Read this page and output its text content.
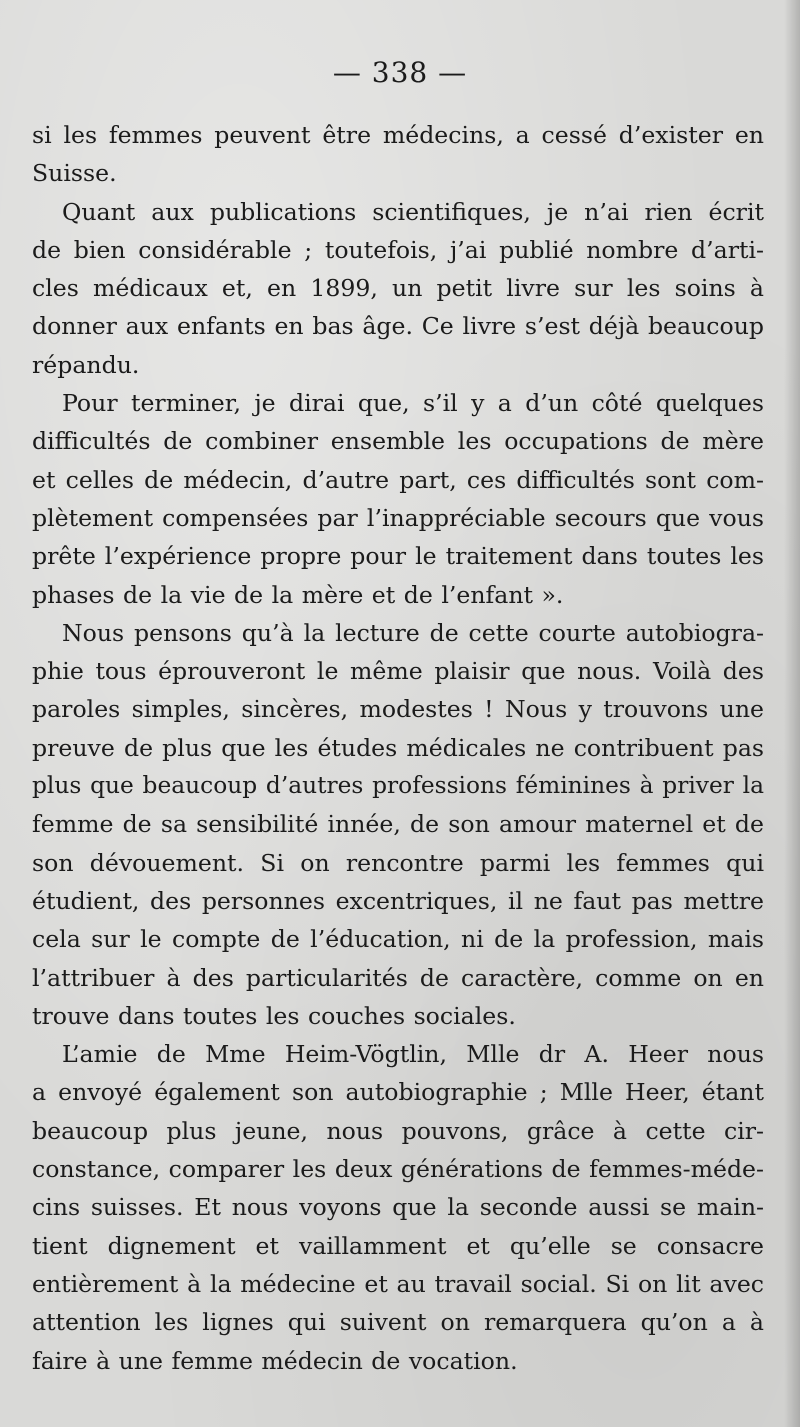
— 338 —
si les femmes peuvent être médecins, a cessé d’exister en
Suisse.
Quant aux publications scientifiques, je n’ai rien écrit
de bien considérable ; toutefois, j’ai publié nombre d’arti-
cles médicaux et, en 1899, un petit livre sur les soins à
donner aux enfants en bas âge. Ce livre s’est déjà beaucoup
répandu.
Pour terminer, je dirai que, s’il y a d’un côté quelques
difficultés de combiner ensemble les occupations de mère
et celles de médecin, d’autre part, ces difficultés sont com-
plètement compensées par l’inappréciable secours que vous
prête l’expérience propre pour le traitement dans toutes les
phases de la vie de la mère et de l’enfant ».
Nous pensons qu’à la lecture de cette courte autobiogra-
phie tous éprouveront le même plaisir que nous. Voilà des
paroles simples, sincères, modestes ! Nous y trouvons une
preuve de plus que les études médicales ne contribuent pas
plus que beaucoup d’autres professions féminines à priver la
femme de sa sensibilité innée, de son amour maternel et de
son dévouement. Si on rencontre parmi les femmes qui
étudient, des personnes excentriques, il ne faut pas mettre
cela sur le compte de l’éducation, ni de la profession, mais
l’attribuer à des particularités de caractère, comme on en
trouve dans toutes les couches sociales.
L’amie de Mme Heim-Vögtlin, Mlle dr A. Heer nous
a envoyé également son autobiographie ; Mlle Heer, étant
beaucoup plus jeune, nous pouvons, grâce à cette cir-
constance, comparer les deux générations de femmes-méde-
cins suisses. Et nous voyons que la seconde aussi se main-
tient dignement et vaillamment et qu’elle se consacre
entièrement à la médecine et au travail social. Si on lit avec
attention les lignes qui suivent on remarquera qu’on a à
faire à une femme médecin de vocation.
